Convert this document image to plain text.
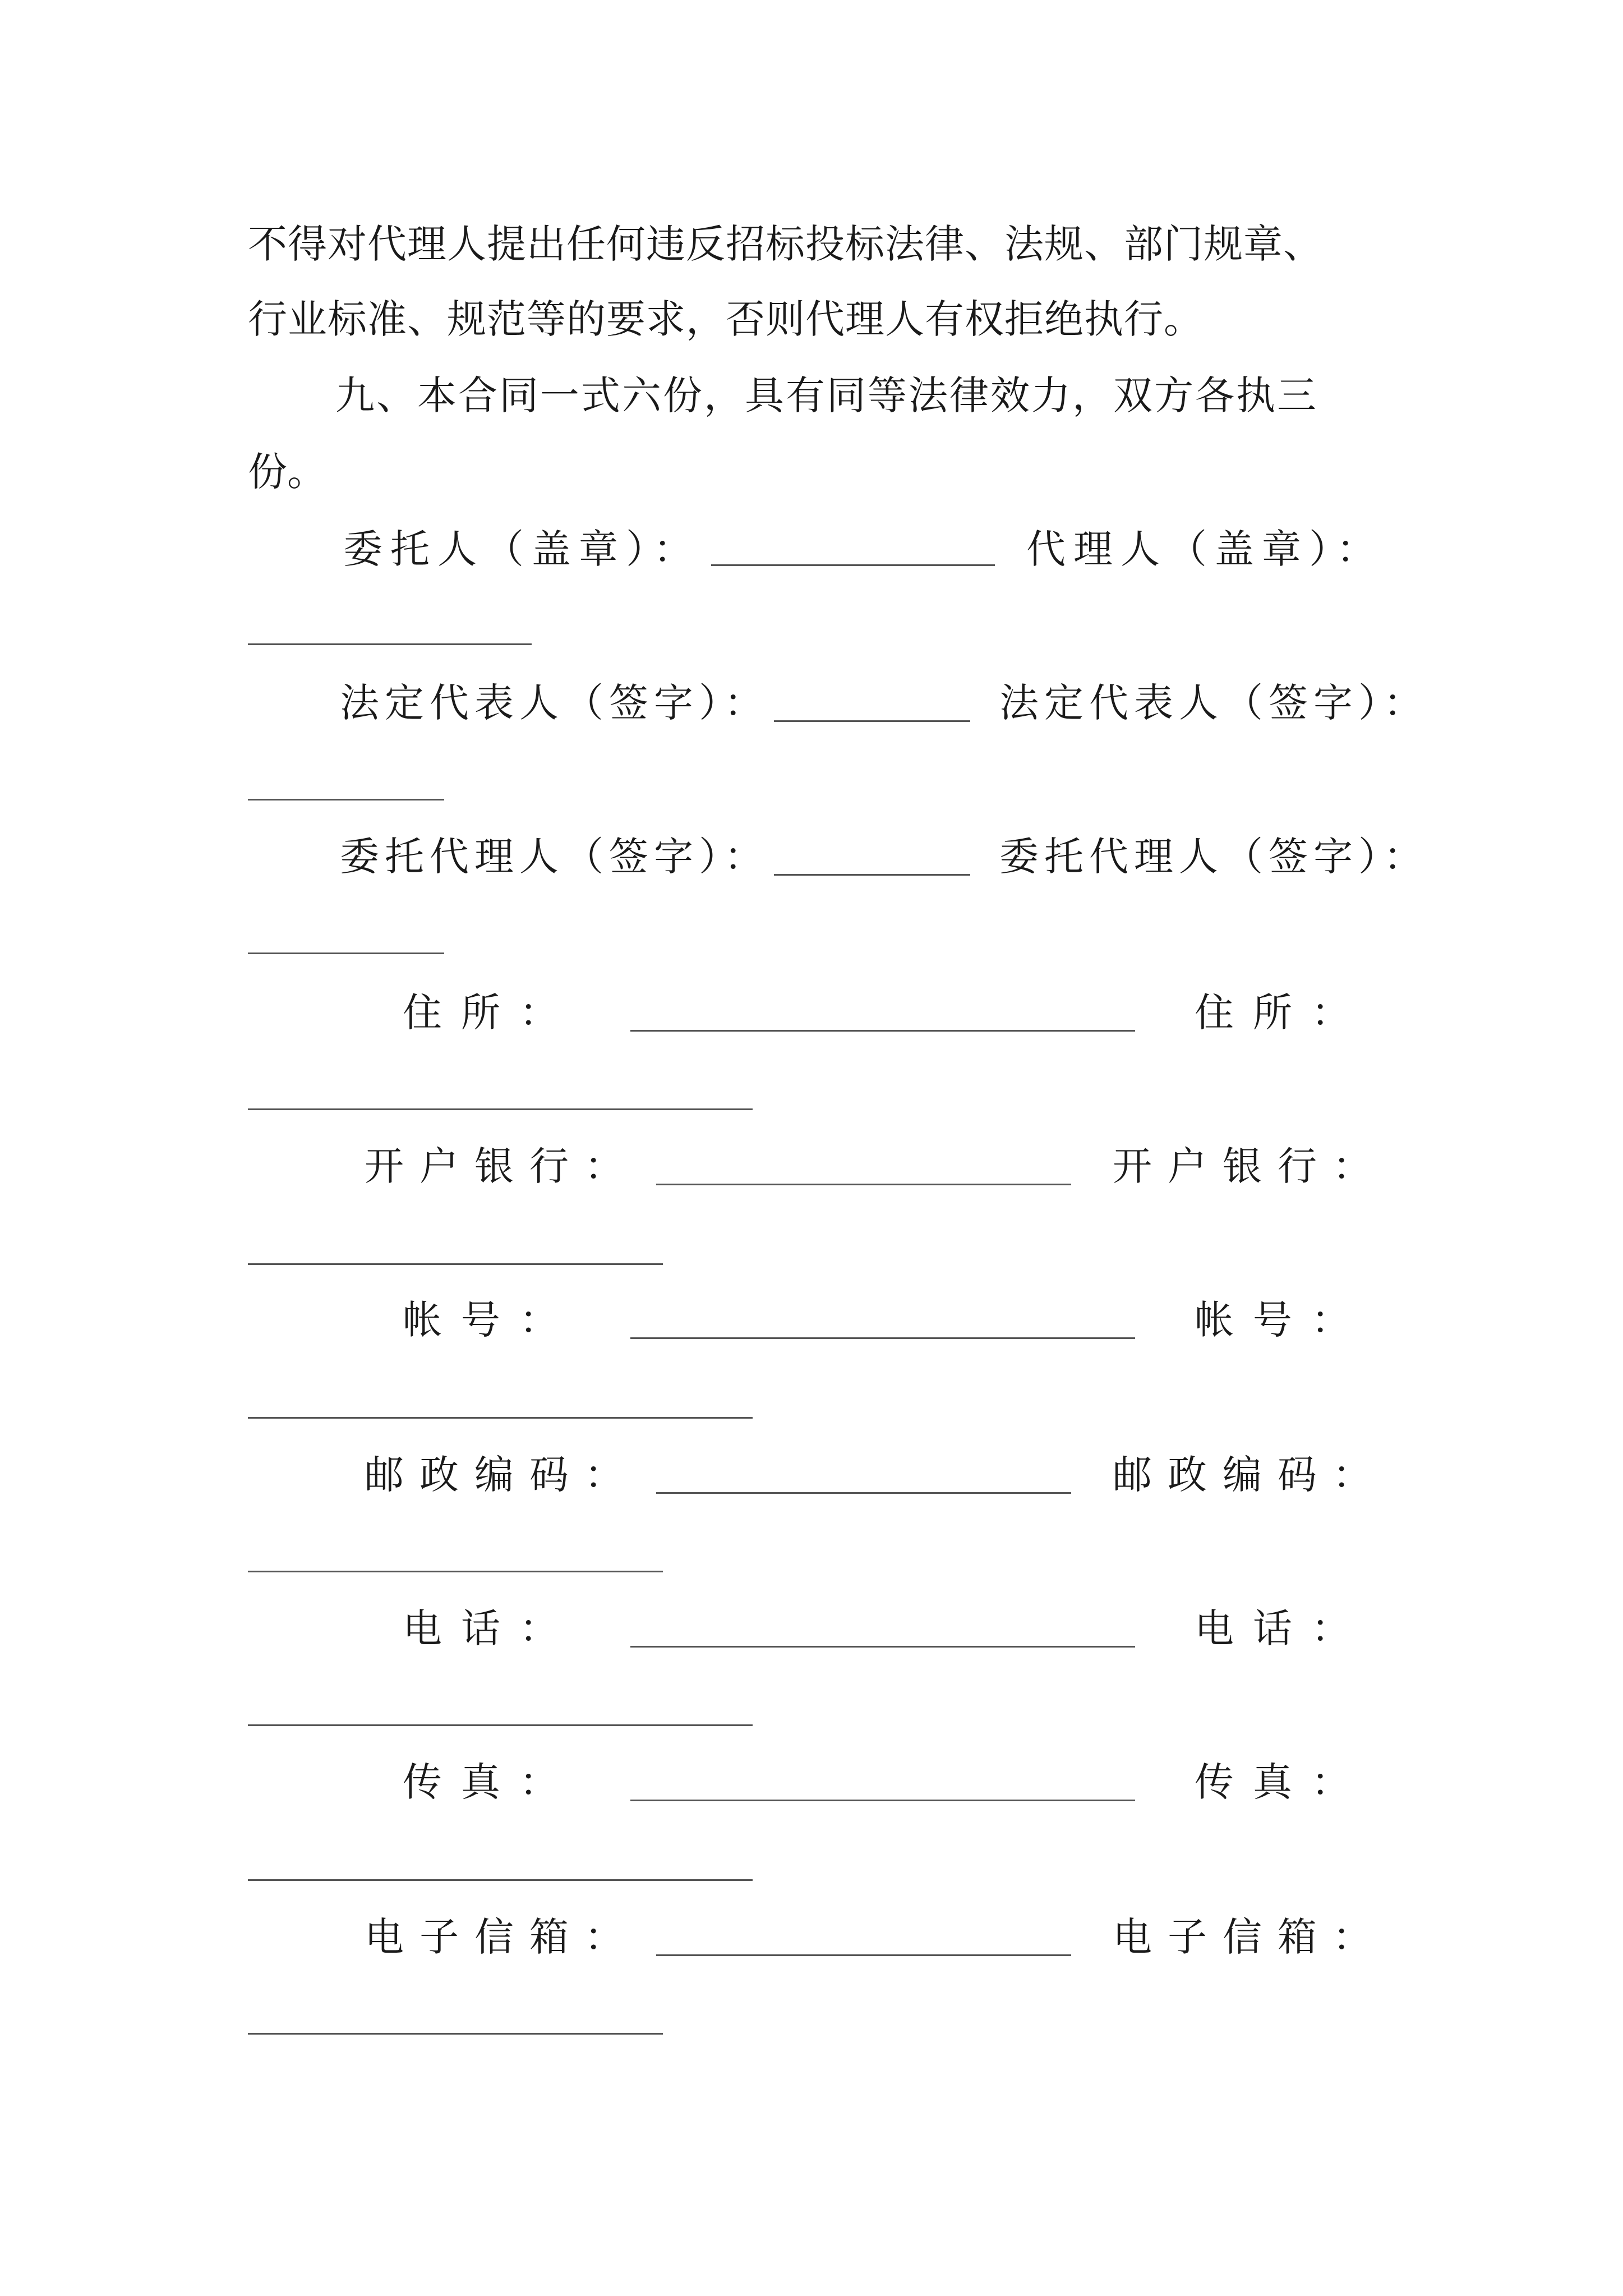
不得对代理人提出任何违反招标投标法律、法规、部门规章、
行业标准、规范等的要求，否则代理人有权拒绝执行。
九、本合同一式六份，具有同等法律效力，双方各执三
份。
委托人（盖章）：	代理人（盖章）：
法定代表人（签字）：	法定代表人（签字）：
委托代理人（签字）：	委托代理人（签字）：
住所：	住所：
开户银行：	开户银行：
帐号：	帐号：
邮政编码：	邮政编码：
电话：	电话：
传真：	传真：
电子信箱：	电子信箱：
